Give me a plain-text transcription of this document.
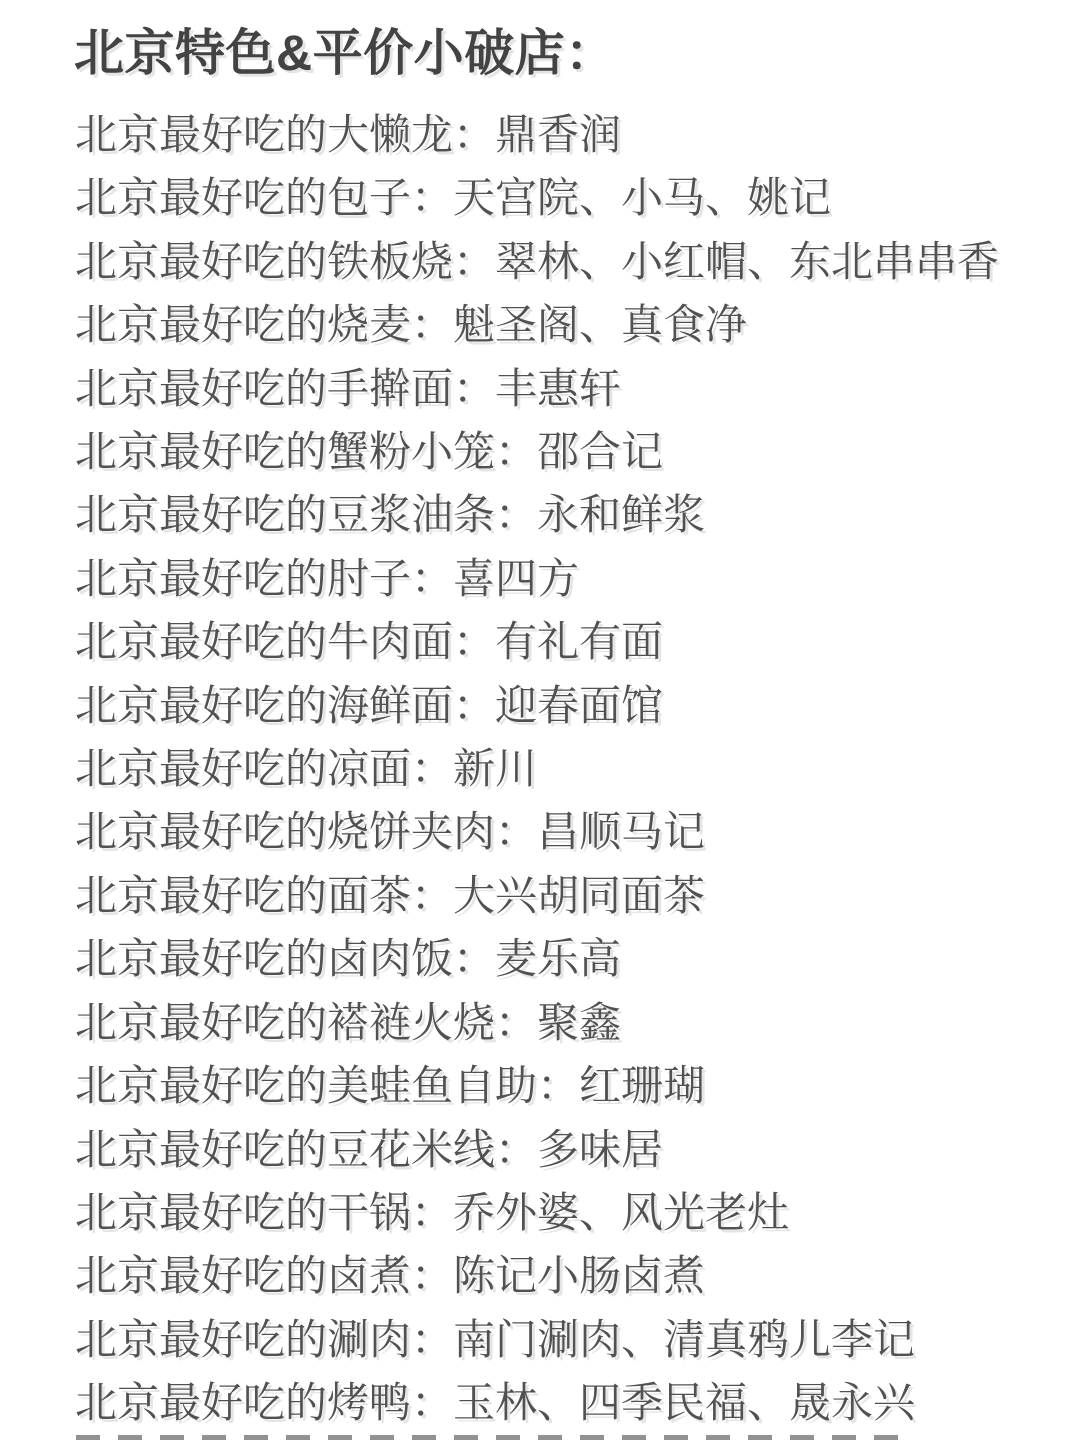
北京特色&平价小破店：
北京最好吃的大懒龙：鼎香润
北京最好吃的包子：天宫院、小马、姚记
北京最好吃的铁板烧：翠林、小红帽、东北串串香
北京最好吃的烧麦：魁圣阁、真食净
北京最好吃的手擀面：丰惠轩
北京最好吃的蟹粉小笼：邵合记
北京最好吃的豆浆油条：永和鲜浆
北京最好吃的肘子：喜四方
北京最好吃的牛肉面：有礼有面
北京最好吃的海鲜面：迎春面馆
北京最好吃的凉面：新川
北京最好吃的烧饼夹肉：昌顺马记
北京最好吃的面茶：大兴胡同面茶
北京最好吃的卤肉饭：麦乐高
北京最好吃的褡裢火烧：聚鑫
北京最好吃的美蛙鱼自助：红珊瑚
北京最好吃的豆花米线：多味居
北京最好吃的干锅：乔外婆、风光老灶
北京最好吃的卤煮：陈记小肠卤煮
北京最好吃的涮肉：南门涮肉、清真鸦儿李记
北京最好吃的烤鸭：玉林、四季民福、晟永兴
